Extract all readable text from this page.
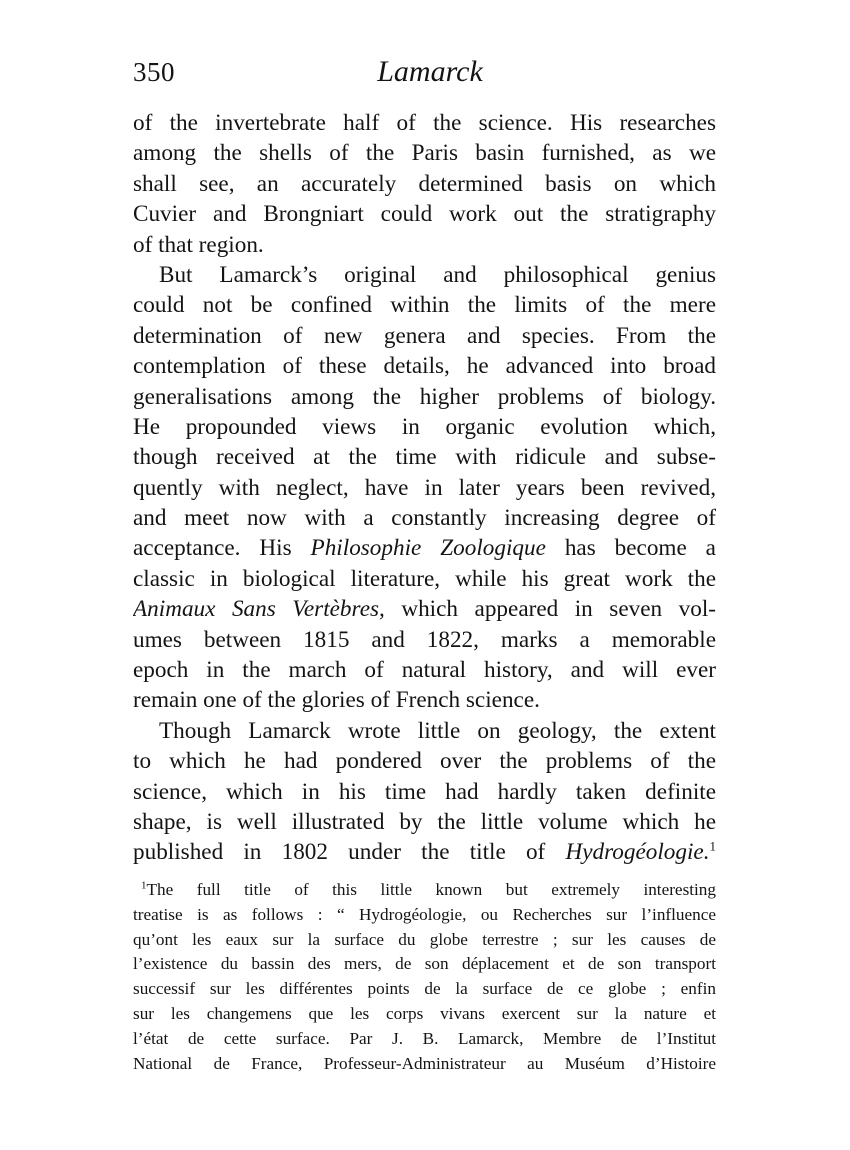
350	Lamarck
of the invertebrate half of the science. His researches
among the shells of the Paris basin furnished, as we
shall see, an accurately determined basis on which
Cuvier and Brongniart could work out the stratigraphy
of that region.
But Lamarck’s original and philosophical genius
could not be confined within the limits of the mere
determination of new genera and species. From the
contemplation of these details, he advanced into broad
generalisations among the higher problems of biology.
He propounded views in organic evolution which,
though received at the time with ridicule and subse-
quently with neglect, have in later years been revived,
and meet now with a constantly increasing degree of
acceptance. His Philosophie Zoologique has become a
classic in biological literature, while his great work the
Animaux Sans Vertèbres, which appeared in seven vol-
umes between 1815 and 1822, marks a memorable
epoch in the march of natural history, and will ever
remain one of the glories of French science.
Though Lamarck wrote little on geology, the extent
to which he had pondered over the problems of the
science, which in his time had hardly taken definite
shape, is well illustrated by the little volume which he
published in 1802 under the title of Hydrogéologie.$^1$
$^1$The full title of this little known but extremely interesting
treatise is as follows : “ Hydrogéologie, ou Recherches sur l’influence
qu’ont les eaux sur la surface du globe terrestre ; sur les causes de
l’existence du bassin des mers, de son déplacement et de son transport
successif sur les différentes points de la surface de ce globe ; enfin
sur les changemens que les corps vivans exercent sur la nature et
l’état de cette surface. Par J. B. Lamarck, Membre de l’Institut
National de France, Professeur-Administrateur au Muséum d’Histoire
